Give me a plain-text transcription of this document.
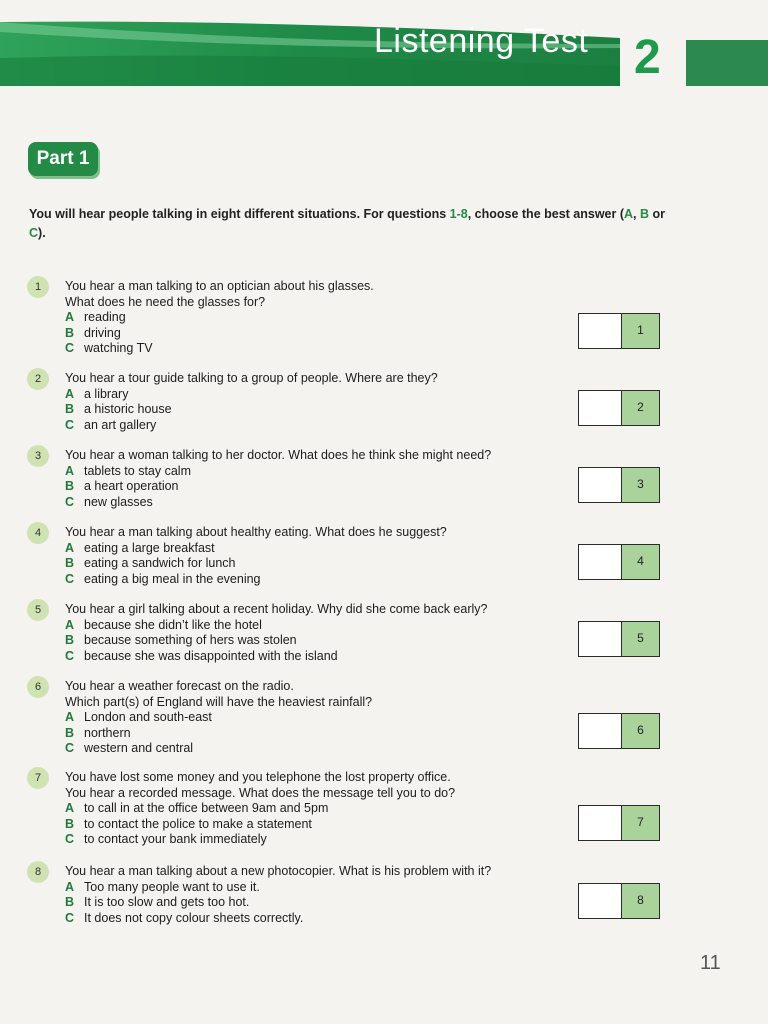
Listening Test 2
Part 1
You will hear people talking in eight different situations. For questions 1-8, choose the best answer (A, B or C).
1	You hear a man talking to an optician about his glasses.
What does he need the glasses for?
A reading
B driving
C watching TV
1
2	You hear a tour guide talking to a group of people. Where are they?
A a library
B a historic house
C an art gallery
2
3	You hear a woman talking to her doctor. What does he think she might need?
A tablets to stay calm
B a heart operation
C new glasses
3
4	You hear a man talking about healthy eating. What does he suggest?
A eating a large breakfast
B eating a sandwich for lunch
C eating a big meal in the evening
4
5	You hear a girl talking about a recent holiday. Why did she come back early?
A because she didn’t like the hotel
B because something of hers was stolen
C because she was disappointed with the island
5
6	You hear a weather forecast on the radio.
Which part(s) of England will have the heaviest rainfall?
A London and south-east
B northern
C western and central
6
7	You have lost some money and you telephone the lost property office.
You hear a recorded message. What does the message tell you to do?
A to call in at the office between 9am and 5pm
B to contact the police to make a statement
C to contact your bank immediately
7
8	You hear a man talking about a new photocopier. What is his problem with it?
A Too many people want to use it.
B It is too slow and gets too hot.
C It does not copy colour sheets correctly.
8
11
